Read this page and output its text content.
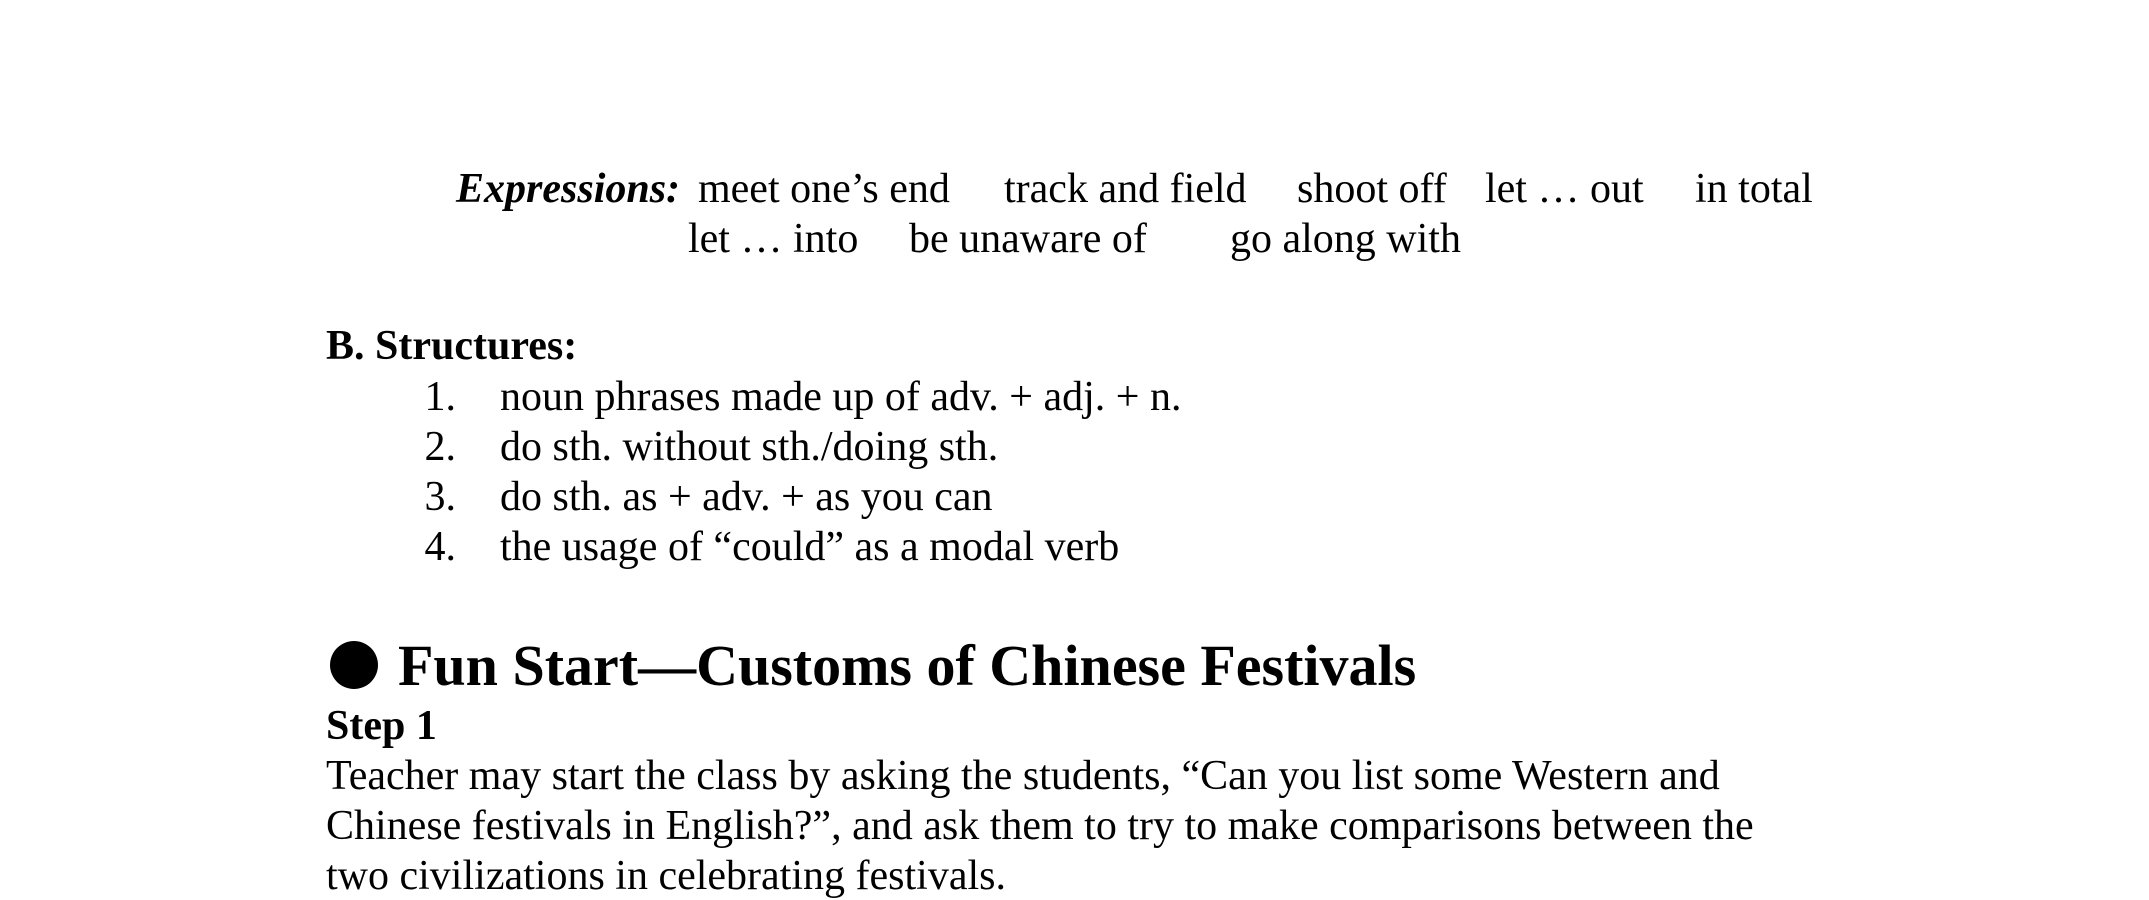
Expressions: meet one’s end track and field shoot off let … out in total
let … into be unaware of go along with
B. Structures:
1. noun phrases made up of adv. + adj. + n.
2. do sth. without sth./doing sth.
3. do sth. as + adv. + as you can
4. the usage of “could” as a modal verb
Fun Start—Customs of Chinese Festivals
Step 1
Teacher may start the class by asking the students, “Can you list some Western and
Chinese festivals in English?”, and ask them to try to make comparisons between the
two civilizations in celebrating festivals.
